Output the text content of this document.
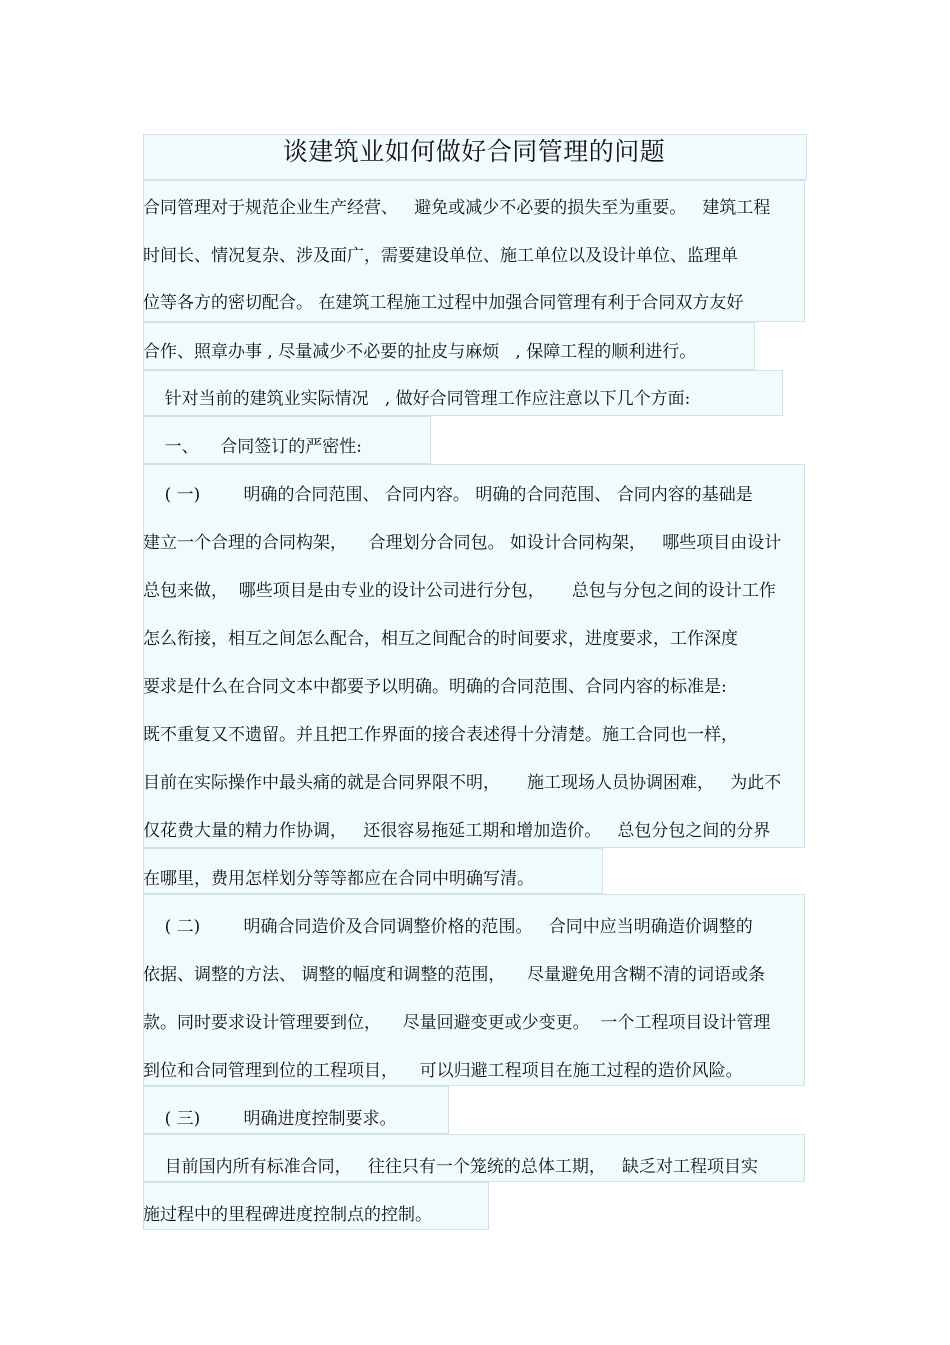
谈建筑业如何做好合同管理的问题
合同管理对于规范企业生产经营、   避免或减少不必要的损失至为重要。   建筑工程
时间长、情况复杂、涉及面广，需要建设单位、施工单位以及设计单位、监理单
位等各方的密切配合。 在建筑工程施工过程中加强合同管理有利于合同双方友好
合作、照章办事 , 尽量减少不必要的扯皮与麻烦   , 保障工程的顺利进行。
针对当前的建筑业实际情况   , 做好合同管理工作应注意以下几个方面:
一、    合同签订的严密性:
( 一)        明确的合同范围、 合同内容。 明确的合同范围、 合同内容的基础是
建立一个合理的合同构架，    合理划分合同包。 如设计合同构架，   哪些项目由设计
总包来做，  哪些项目是由专业的设计公司进行分包，     总包与分包之间的设计工作
怎么衔接，相互之间怎么配合，相互之间配合的时间要求，进度要求，工作深度
要求是什么在合同文本中都要予以明确。明确的合同范围、合同内容的标准是:
既不重复又不遗留。并且把工作界面的接合表述得十分清楚。施工合同也一样，
目前在实际操作中最头痛的就是合同界限不明，     施工现场人员协调困难，   为此不
仅花费大量的精力作协调，   还很容易拖延工期和增加造价。   总包分包之间的分界
在哪里，费用怎样划分等等都应在合同中明确写清。
( 二)        明确合同造价及合同调整价格的范围。   合同中应当明确造价调整的
依据、调整的方法、 调整的幅度和调整的范围，    尽量避免用含糊不清的词语或条
款。同时要求设计管理要到位，    尽量回避变更或少变更。  一个工程项目设计管理
到位和合同管理到位的工程项目，    可以归避工程项目在施工过程的造价风险。
( 三)        明确进度控制要求。
目前国内所有标准合同，   往往只有一个笼统的总体工期，   缺乏对工程项目实
施过程中的里程碑进度控制点的控制。
